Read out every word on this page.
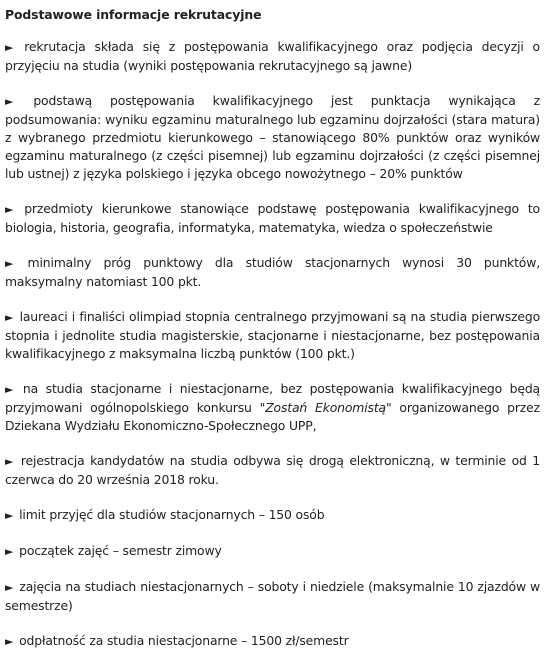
Podstawowe informacje rekrutacyjne
► rekrutacja składa się z postępowania kwalifikacyjnego oraz podjęcia decyzji o przyjęciu na studia (wyniki postępowania rekrutacyjnego są jawne)
► podstawą postępowania kwalifikacyjnego jest punktacja wynikająca z podsumowania: wyniku egzaminu maturalnego lub egzaminu dojrzałości (stara matura) z wybranego przedmiotu kierunkowego – stanowiącego 80% punktów oraz wyników egzaminu maturalnego (z części pisemnej) lub egzaminu dojrzałości (z części pisemnej lub ustnej) z języka polskiego i języka obcego nowożytnego – 20% punktów
► przedmioty kierunkowe stanowiące podstawę postępowania kwalifikacyjnego to biologia, historia, geografia, informatyka, matematyka, wiedza o społeczeństwie
► minimalny próg punktowy dla studiów stacjonarnych wynosi 30 punktów, maksymalny natomiast 100 pkt.
► laureaci i finaliści olimpiad stopnia centralnego przyjmowani są na studia pierwszego stopnia i jednolite studia magisterskie, stacjonarne i niestacjonarne, bez postępowania kwalifikacyjnego z maksymalna liczbą punktów (100 pkt.)
► na studia stacjonarne i niestacjonarne, bez postępowania kwalifikacyjnego będą przyjmowani ogólnopolskiego konkursu "Zostań Ekonomistą" organizowanego przez Dziekana Wydziału Ekonomiczno-Społecznego UPP,
► rejestracja kandydatów na studia odbywa się drogą elektroniczną, w terminie od 1 czerwca do 20 września 2018 roku.
► limit przyjęć dla studiów stacjonarnych – 150 osób
► początek zajęć – semestr zimowy
► zajęcia na studiach niestacjonarnych – soboty i niedziele (maksymalnie 10 zjazdów w semestrze)
► odpłatność za studia niestacjonarne – 1500 zł/semestr
